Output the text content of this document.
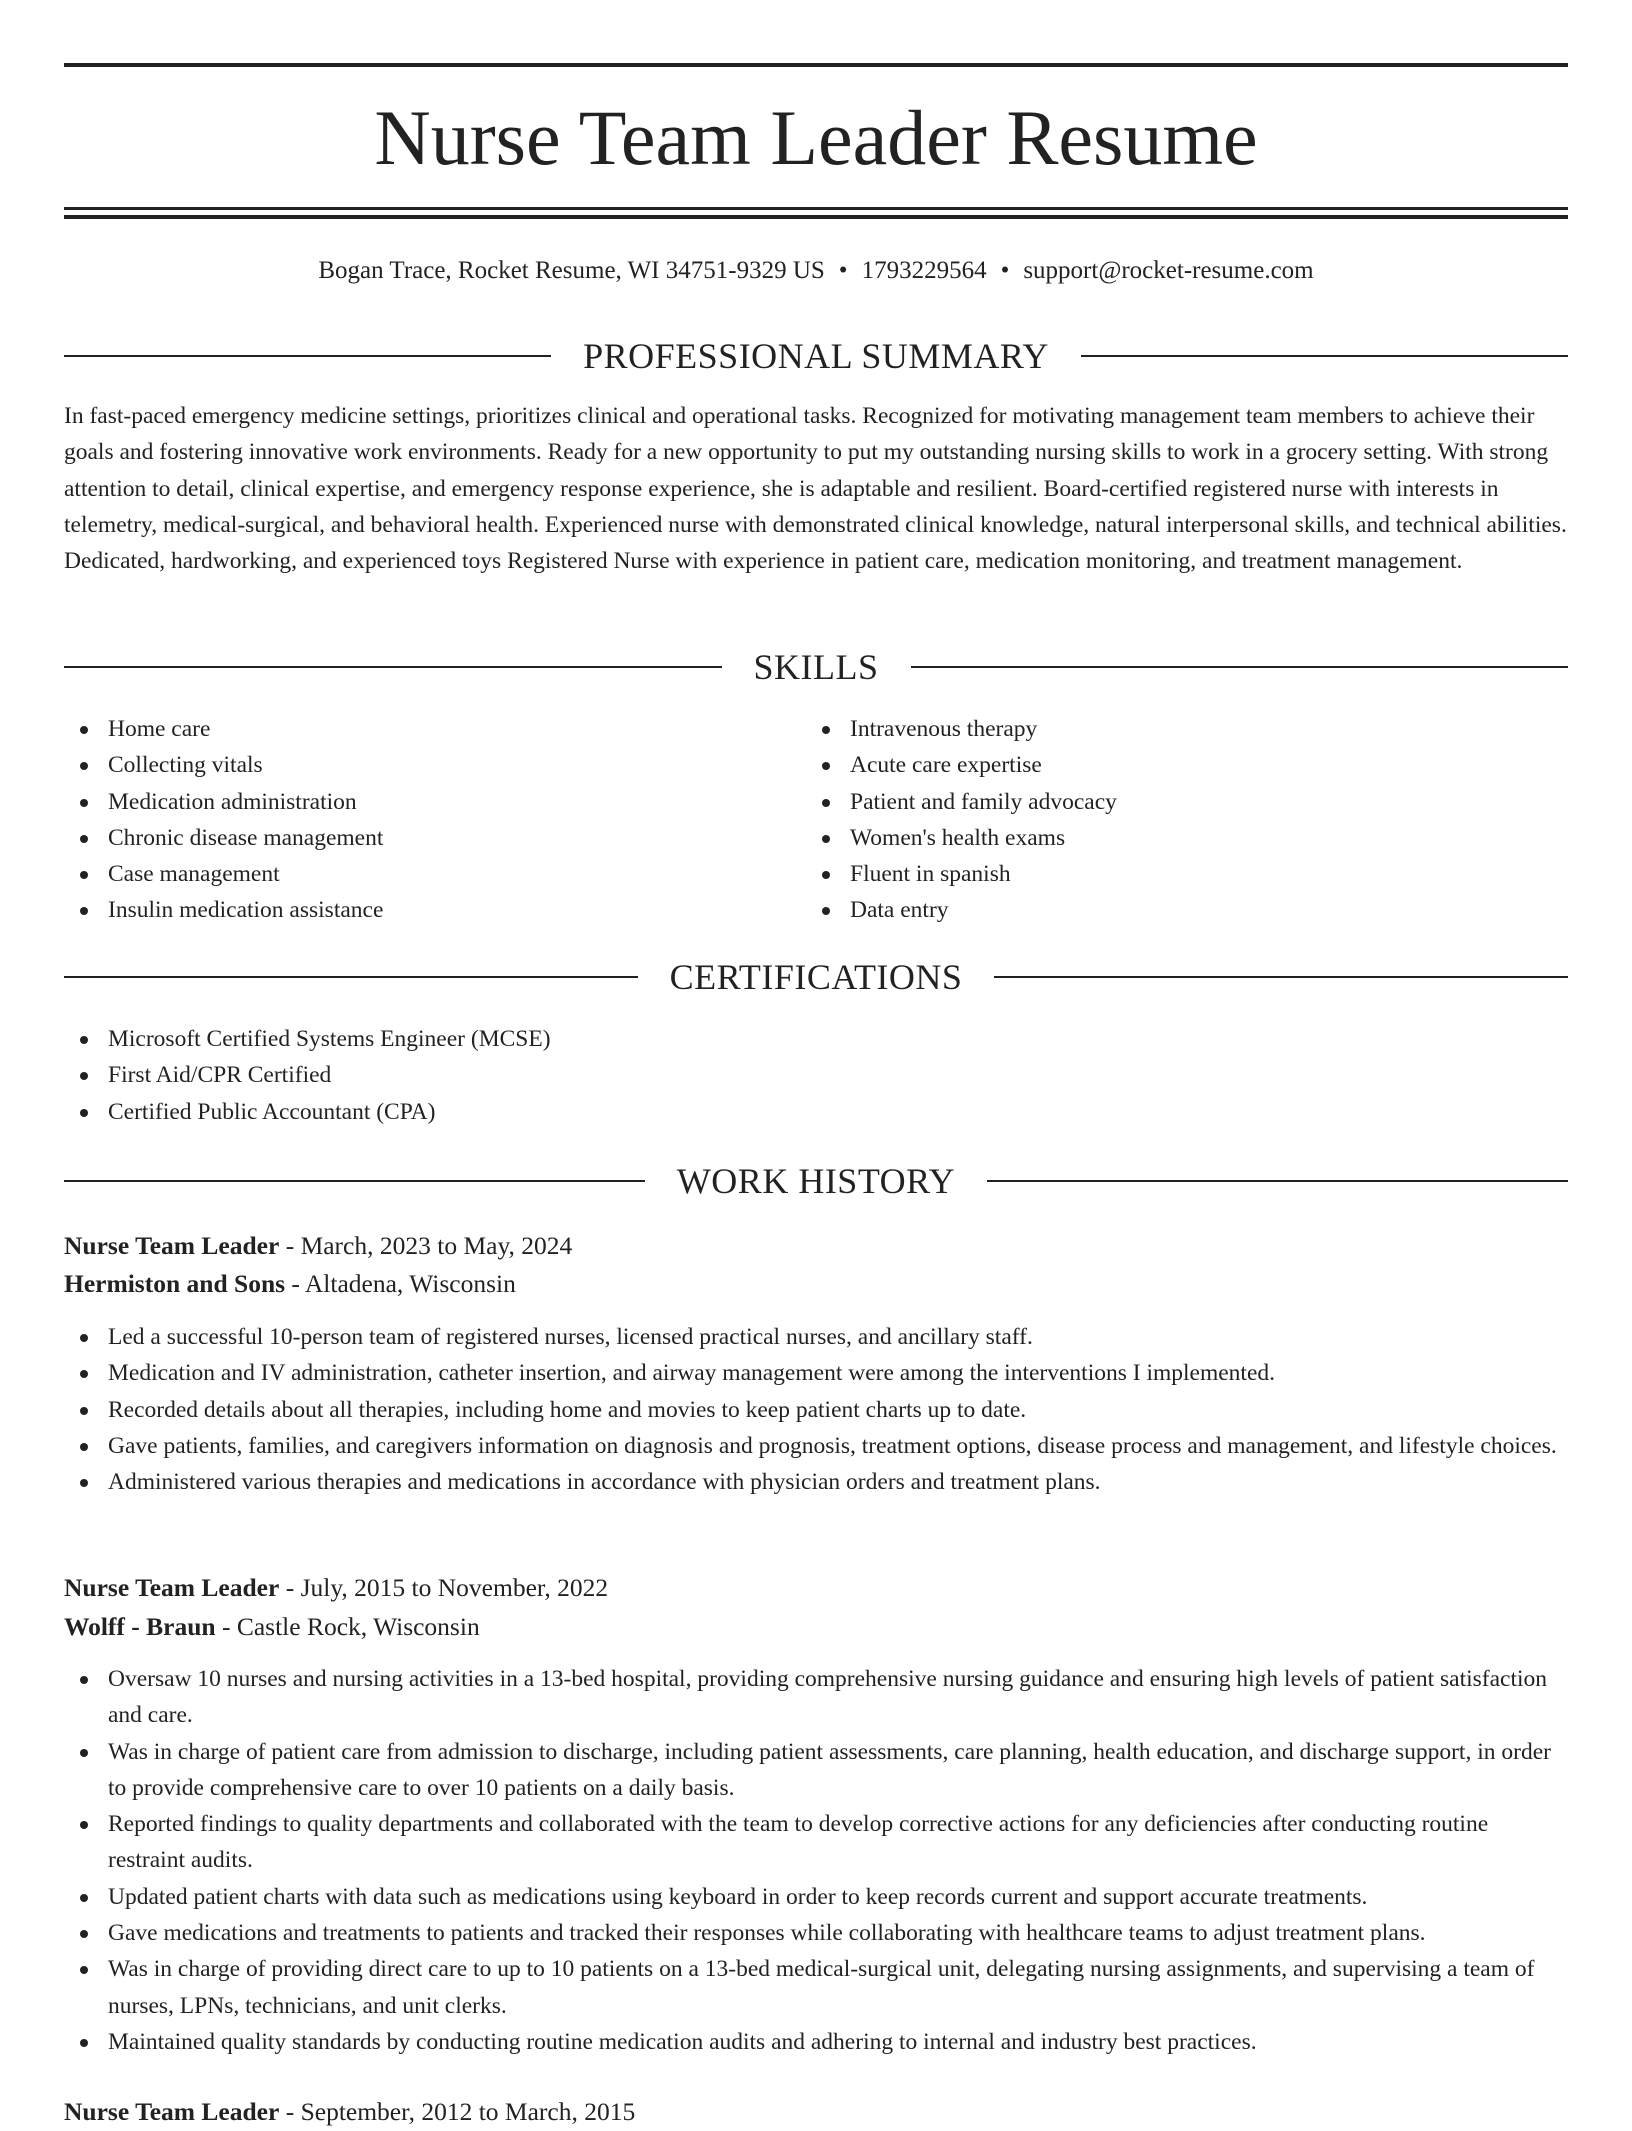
Nurse Team Leader Resume
Bogan Trace, Rocket Resume, WI 34751-9329 US • 1793229564 • support@rocket-resume.com
PROFESSIONAL SUMMARY

In fast-paced emergency medicine settings, prioritizes clinical and operational tasks. Recognized for motivating management team members to achieve their goals and fostering innovative work environments. Ready for a new opportunity to put my outstanding nursing skills to work in a grocery setting. With strong attention to detail, clinical expertise, and emergency response experience, she is adaptable and resilient. Board-certified registered nurse with interests in telemetry, medical-surgical, and behavioral health. Experienced nurse with demonstrated clinical knowledge, natural interpersonal skills, and technical abilities. Dedicated, hardworking, and experienced toys Registered Nurse with experience in patient care, medication monitoring, and treatment management.

SKILLS
Home care
Collecting vitals
Medication administration
Chronic disease management
Case management
Insulin medication assistance
Intravenous therapy
Acute care expertise
Patient and family advocacy
Women's health exams
Fluent in spanish
Data entry
CERTIFICATIONS
Microsoft Certified Systems Engineer (MCSE)
First Aid/CPR Certified
Certified Public Accountant (CPA)
WORK HISTORY
Nurse Team Leader - March, 2023 to May, 2024
Hermiston and Sons - Altadena, Wisconsin
Led a successful 10-person team of registered nurses, licensed practical nurses, and ancillary staff.
Medication and IV administration, catheter insertion, and airway management were among the interventions I implemented.
Recorded details about all therapies, including home and movies to keep patient charts up to date.
Gave patients, families, and caregivers information on diagnosis and prognosis, treatment options, disease process and management, and lifestyle choices.
Administered various therapies and medications in accordance with physician orders and treatment plans.
Nurse Team Leader - July, 2015 to November, 2022
Wolff - Braun - Castle Rock, Wisconsin
Oversaw 10 nurses and nursing activities in a 13-bed hospital, providing comprehensive nursing guidance and ensuring high levels of patient satisfaction and care.
Was in charge of patient care from admission to discharge, including patient assessments, care planning, health education, and discharge support, in order to provide comprehensive care to over 10 patients on a daily basis.
Reported findings to quality departments and collaborated with the team to develop corrective actions for any deficiencies after conducting routine restraint audits.
Updated patient charts with data such as medications using keyboard in order to keep records current and support accurate treatments.
Gave medications and treatments to patients and tracked their responses while collaborating with healthcare teams to adjust treatment plans.
Was in charge of providing direct care to up to 10 patients on a 13-bed medical-surgical unit, delegating nursing assignments, and supervising a team of nurses, LPNs, technicians, and unit clerks.
Maintained quality standards by conducting routine medication audits and adhering to internal and industry best practices.
Nurse Team Leader - September, 2012 to March, 2015
